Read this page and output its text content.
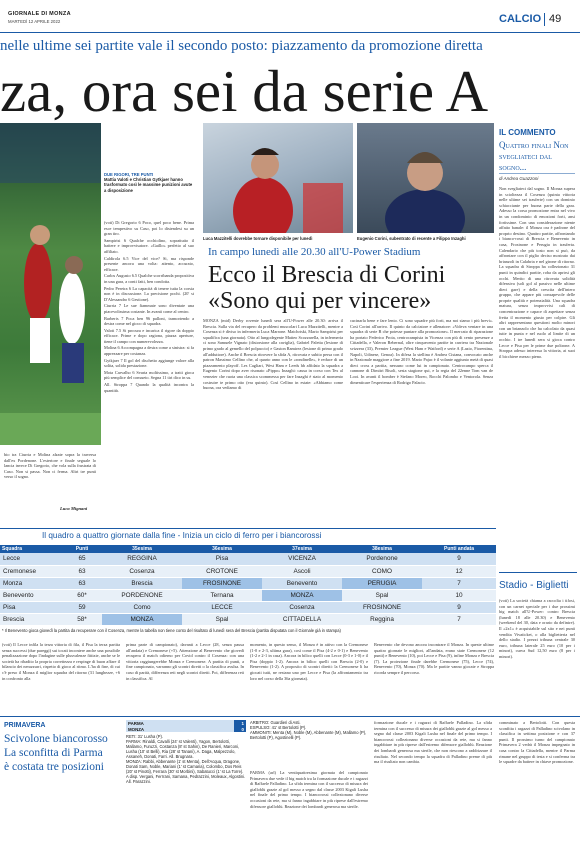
GIORNALE DI MONZA
MARTEDÌ 12 APRILE 2022	CALCIO 49
nelle ultime sei partite vale il secondo posto: piazzamento da promozione diretta
za, ora sei da serie A
DUE RIGORI, TRE PUNTI
Mattia Valoti e Christian Gytkjaer hanno trasformato così le massime punizioni avute a disposizione

(voti) Di Gregorio 6 Poco, quel poco bene. Prima esce tempestivo su Caso, poi lo distendesi su un gran tiro.

Sampirisi 6 Qualche occhiolino, soprattutto il battere e improvvisatore. «Gaillo» perfetto al suo affiliato.

Caldirola 6.5 Vice del vice? Sì, ma risponde presente ancora una volta: attento, accurato, efficace.

Carlos Augusto 6.5 Qualche scorribanda propositiva in una gara, a conti fatti, ben condotta.

Pedro Pereira 6 La capacità di tenere tutta la corsia non è in discussione. La precisione pochi. (20' st D'Alessandro 6 Gestione).

Ciurria 7 Le sue fiammate sono diventate una piacevolissima costante. In avanti come al centro.

Barberis 7 Poca ben 96 palloni, tramortendo a destra come nel gioco di squadra.

Valoti 7.5 Si procura e incarica il rigore da doppio efficace. Prime e dopo ragiona, piazza aperture, tiene il campo con numerevolezza.

Molina 6 Accompagna a destra come a sinistra: si fa apprezzare per costanza.

Gytkjaer 7 Il gol del dischetto aggiunge valore alla solita, solida prestazione.

Mota Carvalho 6 Svaria moltissimo, a tratti gioca più semplice del consueto. Segna 11 tiri dico in su.

All. Stroppa 7 Quando la qualità incontra la quantità.

bio tra Ciurria e Molina alzate sopra la traversa dall'ex Pordenone. L'esteriore e finale seguale lo lancia invece Di Gregorio, che vola sulla frustrata di Caso. Non si passa. Non ci ferma. Altri tre punti verso il sogno.

Luca Mignani
Luca Mazzitelli dovrebbe tornare disponibile per lunedì	Eugenio Corini, subentrato di recente a Filippo Inzaghi
In campo lunedì alle 20.30 all'U-Power Stadium
Ecco il Brescia di Corini
«Sono qui per vincere»

MONZA (mtd) Derby rovente lunedì sera all'U-Power alle 20.30: arriva il Brescia. Sulla via del recupero da problemi muscolari Luca Mazzitelli, mentre a Cosenza si è diviso in infermeria Luca Marrone. Maichrtski, Mario Sampirisi per squalifica (una giornata). Otto al lungodegente Matteo Scozzarella, in infermeria ci sono Samuele Vignato (distorsione alla caviglia), Gabriel Paletta (lesione di primo grado al gemello del polpaccio) e Gaston Ramirez (lesione di primo grado all'adduttore). Anche il Brescia ritrovere la sfida A, ritrovata e subito persa con il patron Massimo Cellino che, al quarto anno con le «rondinelle», è reduce di un piazzamento playoff. Les Cagliari, West Ham e Leeds hb affidato la squadra a Eugenio Corini dopo aver risonato «Pippo» Inzaghi: causa in corso con Tex al venezier che ruota una classica scommessa per fare Inzaghi è stato al momento costruire te primo otto (era quinto). Così Cellino in estate: «Abbiamo come buona, ora vediamo di

cucinarla bene e fare lento. Ci sono squadre più forti, ma noi siamo i più brevi». Così Corini all'arrivo. Il quinto da calciatore e allenatore: «Voleva ventare in una squadra di serie B che potesse puntare alla promozione». Il mercato di riparazione ha portato Federico Proia, centrocampista in Vicenza con più di cento presenze a Cittadella, e Valeron Rebernal, oltre cinquecento partite in carriera tra Nazionale svizzera (33), Premier League (West Ham e Watford) e serie A (Lazio, Fiorentina, Napoli, Udinese, Genoa). In difesa la stellina è Andrea Cistana, convocato anche in Nazionale maggiore a fine 2019. Mario Pajac è il volante aggiunto metà di quasi dieci cross a partita, nessuno come lui in campionato. Centrocampo sperca il cannone di Dimitri Bisoli, sesta stagione qui, e la regia del 22enne Tom van de Looi. In avanti il bomber è Stefano Moreo, Rocchi Palombo e Ventorola. Senza dimenticare l'esperienza di Rodrigo Palacio.

IL COMMENTO
Quattro finali Non svegliateci dal sogno...
di Andrea Guazzoni

Non svegliateci dal sogno. Il Monza supera in scioltezza il Cosenza (quinta vittoria nelle ultime sei trasferte) con un dominio schiacciante per buona parte della gara. Adesso la corsa promozione entra nel vivo in un condominio di emozioni forti, ansi fortissime. Con una considerazione niente affatto banale: il Monza ora è padrone del proprio destino. Quattro partite, affrontando i bianco-rossi di Brescia e Benevento in casa, Frosinone e Perugia in trasferta. Calendario che più tosto non si può, da affrontare con il piglio deciso mostrato dai brianzoli in Calabria e nel girone di ritorno. La squadra di Stroppa ha collezionato 31 punti in quindici partite, roba da aprirsi gli occhi. Merito di una ritrovata solidità difensiva (soli gol al passivo nelle ultime dieci gare) e della crescita dell'intero gruppo, che appare più consapevole delle proprie qualità e potenzialità. Una squadra matura, senza improvvisi cali di concentrazione e capace di aspettare senza fretta il momento giusto per colpire. Gli altri rappresentano questioni molto minori con un brianzolo che ha calcolato da quasi tutte in punta e nel ruolo al limite di un occhio. I tre lunedì sera si gioca contro Lecce e Pisa per le prime due poltrone. A Stroppa adesso interessa la vittoria, ai suoi il bicchiere mezzo pieno.

Il quadro a quattro giornate dalla fine - Inizia un ciclo di ferro per i biancorossi
Squadra	Punti	35esima	36esima	37esima	38esima	Punti andata
Lecce	65	REGGINA	Pisa	VICENZA	Pordenone	9
Cremonese	63	Cosenza	CROTONE	Ascoli	COMO	12
Monza	63	Brescia	FROSINONE	Benevento	PERUGIA	7
Benevento	60*	PORDENONE	Ternana	MONZA	Spal	10
Pisa	59	Como	LECCE	Cosenza	FROSINONE	9
Brescia	58*	MONZA	Spal	CITTADELLA	Reggina	7
* Il Benevento gioca giovedì la partita da recuperare con il Cosenza, mentre la tabella non tiene conto del risultato di lunedì sera del Brescia (partita disputata con il Giornale già in stampa)

(voti) Il Lecce infila la terza vittoria di fila, il Pisa la terza partita senza successi (due pareggi) sui tocati incontere anche una possibile penalizzazione dopo l'indagine sulle plusvalenze fittizie, anche se le società ha ribadito la propria correttezza e respinge di buon affare il bilancio dei nerazzurri, rispetto di gioco al ritmo. L'ha di fine, di cui c'è preso il Monza il miglior squadra del ritorno (31 lunghezze, +6 in confronto alla

prima parte di campionato), davanti a Lecce (28, senza pausa all'andata) e Cremonese (+5). Attenzione al Benevento che giovedì recupera il match odierno per Covid contro il Cosenza: con una vittoria raggiungerebbe Monza e Cremonese. A partita di punti, a fine campionato, varranno gli scontri diretti o la classifica avulsa. In caso di parità, differenza reti negli scontri diretti. Poi, differenza reti in classifica. Al

momento, in questo senso, il Monza è in attivo con la Cremonese (1-0 e 2-3, ultima gara), così come il Pisa (4-2 e 0-1) e Benevento (1-2 e 2-1 in casa). Ancora in bilico quelli con Lecce (0-3 e 1-0) e il Pisa (doppio 1-2). Ancora in bilico quelli con Brescia (2-0) e Benevento (1-2). A proposito di scontri diretti: la Cremonese li ha giocati tutti, ne restano uno per Lecce e Pisa (la affrontamento tra loro nel corso della 36a giornata).

Benevento che devono ancora incontrare il Monza. In queste ultime quattro giornate le migliori, all'andata, erano state Cremonese (12 punti) e Benevento (10), poi Lecce e Pisa (9), infine Monza e Brescia (7). La proiezione finale darebbe Cremonese (75), Lecce (74), Benevento (70), Monza (70). Ma le partite vanno giocate e Stroppa ricorda sempre il percorso.

Stadio - Biglietti

(voti) La società chiama a raccolta i tifosi, con un carnet speciale per i due prossimi big match all'U-Power: contro Brescia (lunedì 18 alle 20.30) e Benevento (weekend del 30, data e orario da definire). Il «2x1» è acquistabile sul sito e nei punti vendita Vivaticket, o alla biglietteria nel dello stadio. I prezzi tribuna centrale 30 euro, tribuna laterale 25 euro (10 per i minori), curva Sud 12,50 euro (8 per i minori).

PRIMAVERA
Scivolone biancorosso
La sconfitta di Parma
è costata tre posizioni
PARMA	1
MONZA	0
RETI: 31' Lusha (P).
PARMA: Rinaldi, Cavalli (24' st Valenti), Yagon, Bertolotti, Mallamo, Furuzzi, Costanza (8' st Sahin), De Ranieri, Marconi, Lusha (10' st Belli), Ria (28' st Tanani), A. Daga, Malpezzolo, Assaneh, Donati, Farri. All. Brugnara.
MONZA: Rabbi, Abbenante (1' st Menta), Dell'Acqua, Dragone, Donati Sam, Noble, Mariani (1' st Camaria), Colombo, Dos Reis (20' st Pinotti), Ferrara (30' st Morbini), Sabatucci (1' st La Torre). A disp. Vergani, Ferrrani, Samana, Pedrazzini, Moleaux, Algostini. All. Parazzini.
ARBITRO: Guardieri di Asti.
ESPULSO: 41' st Bertolotti (P).
AMMONITI: Menta (M), Noble (M), Abbenante (M), Mallamo (P), Bertolotti (P), Agostinelli (P).

PARMA (arl) La ventiquattresima giornata del campionato Primavera due vede il big match tra la formazione ducale e i ragazzi di Raffaele Palladino. La sfida termina con il successo di misura dei gialloblù grazie al gol messo a segno dal classe 2003 Kigali Lusha nel finale del primo tempo. I biancorossi collezionano diverse occasioni da rete, ma si fanno ingabbiare in più riprese dall'estremo difensore gialloblù. Reazione dei lombardi generosa ma sterile.

formazione ducale e i ragazzi di Raffaele Palladino. La sfida termina con il successo di misura dei gialloblù grazie al gol messo a segno dal classe 2003 Kigali Lusha nel finale del primo tempo. I biancorossi collezionano diverse occasioni da rete, ma si fanno ingabbiare in più riprese dall'estremo difensore gialloblù. Reazione dei lombardi generosa ma sterile, che non riescono a raddrizzare il risultato. Nel secondo tempo la squadra di Palladino preme di più ma il risultato non cambia.

comminato a Bertolotti. Con questa sconfitta i ragazzi di Palladino scivolano in classifica in settima posizione e con 37 punti. Il prossimo turno del campionato Primavera 2 vedrà il Monza impegnato in casa contro la Cittadella, mentre il Parma rimane nel gruppo di testa e si conferma tra le squadre da battere in chiave promozione.
